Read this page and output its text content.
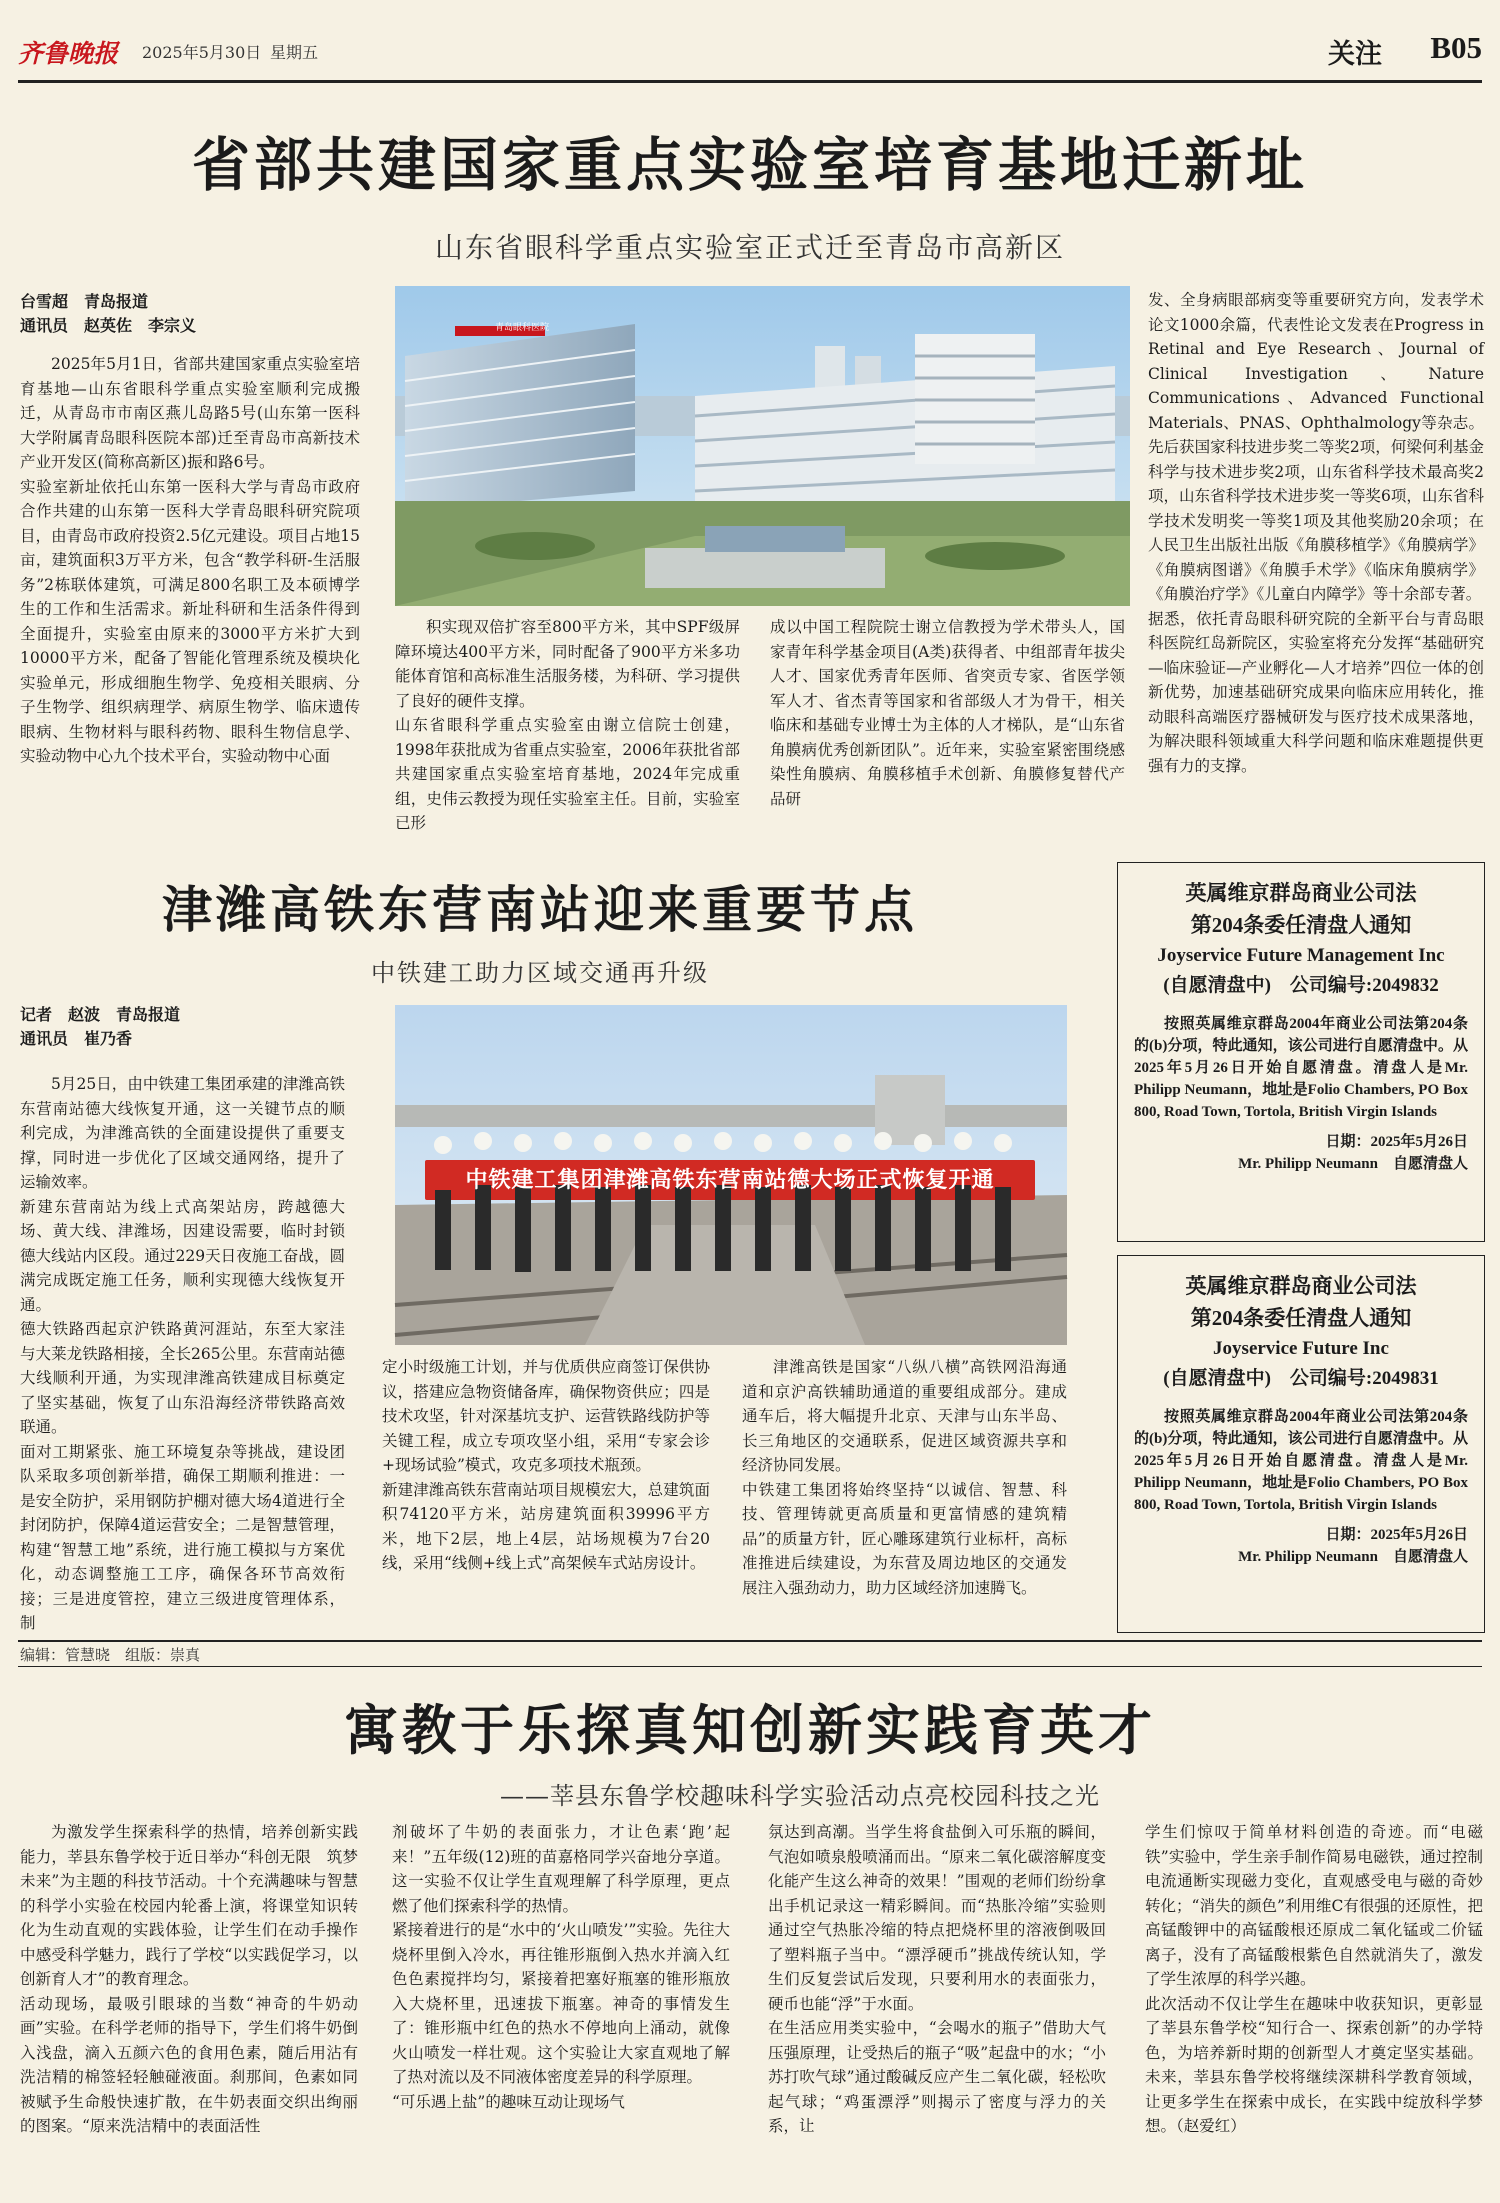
齐鲁晚报 2025年5月30日 星期五	关注 B05
省部共建国家重点实验室培育基地迁新址
山东省眼科学重点实验室正式迁至青岛市高新区
台雪超　青岛报道
通讯员　赵英佐　李宗义
2025年5月1日，省部共建国家重点实验室培育基地—山东省眼科学重点实验室顺利完成搬迁，从青岛市市南区燕儿岛路5号(山东第一医科大学附属青岛眼科医院本部)迁至青岛市高新技术产业开发区(简称高新区)振和路6号。
实验室新址依托山东第一医科大学与青岛市政府合作共建的山东第一医科大学青岛眼科研究院项目，由青岛市政府投资2.5亿元建设。项目占地15亩，建筑面积3万平方米，包含“教学科研-生活服务”2栋联体建筑，可满足800名职工及本硕博学生的工作和生活需求。新址科研和生活条件得到全面提升，实验室由原来的3000平方米扩大到10000平方米，配备了智能化管理系统及模块化实验单元，形成细胞生物学、免疫相关眼病、分子生物学、组织病理学、病原生物学、临床遗传眼病、生物材料与眼科药物、眼科生物信息学、实验动物中心九个技术平台，实验动物中心面
青岛眼科医院
积实现双倍扩容至800平方米，其中SPF级屏障环境达400平方米，同时配备了900平方米多功能体育馆和高标准生活服务楼，为科研、学习提供了良好的硬件支撑。
山东省眼科学重点实验室由谢立信院士创建，1998年获批成为省重点实验室，2006年获批省部共建国家重点实验室培育基地，2024年完成重组，史伟云教授为现任实验室主任。目前，实验室已形
成以中国工程院院士谢立信教授为学术带头人，国家青年科学基金项目(A类)获得者、中组部青年拔尖人才、国家优秀青年医师、省突贡专家、省医学领军人才、省杰青等国家和省部级人才为骨干，相关临床和基础专业博士为主体的人才梯队，是“山东省角膜病优秀创新团队”。近年来，实验室紧密围绕感染性角膜病、角膜移植手术创新、角膜修复替代产品研
发、全身病眼部病变等重要研究方向，发表学术论文1000余篇，代表性论文发表在Progress in Retinal and Eye Research、Journal of Clinical Investigation、Nature Communications、Advanced Functional Materials、PNAS、Ophthalmology等杂志。先后获国家科技进步奖二等奖2项，何梁何利基金科学与技术进步奖2项，山东省科学技术最高奖2项，山东省科学技术进步奖一等奖6项，山东省科学技术发明奖一等奖1项及其他奖励20余项；在人民卫生出版社出版《角膜移植学》《角膜病学》《角膜病图谱》《角膜手术学》《临床角膜病学》《角膜治疗学》《儿童白内障学》等十余部专著。
据悉，依托青岛眼科研究院的全新平台与青岛眼科医院红岛新院区，实验室将充分发挥“基础研究—临床验证—产业孵化—人才培养”四位一体的创新优势，加速基础研究成果向临床应用转化，推动眼科高端医疗器械研发与医疗技术成果落地，为解决眼科领域重大科学问题和临床难题提供更强有力的支撑。
津潍高铁东营南站迎来重要节点
中铁建工助力区域交通再升级
记者　赵波　青岛报道
通讯员　崔乃香
5月25日，由中铁建工集团承建的津潍高铁东营南站德大线恢复开通，这一关键节点的顺利完成，为津潍高铁的全面建设提供了重要支撑，同时进一步优化了区域交通网络，提升了运输效率。
新建东营南站为线上式高架站房，跨越德大场、黄大线、津潍场，因建设需要，临时封锁德大线站内区段。通过229天日夜施工奋战，圆满完成既定施工任务，顺利实现德大线恢复开通。
德大铁路西起京沪铁路黄河涯站，东至大家洼与大莱龙铁路相接，全长265公里。东营南站德大线顺利开通，为实现津潍高铁建成目标奠定了坚实基础，恢复了山东沿海经济带铁路高效联通。
面对工期紧张、施工环境复杂等挑战，建设团队采取多项创新举措，确保工期顺利推进：一是安全防护，采用钢防护棚对德大场4道进行全封闭防护，保障4道运营安全；二是智慧管理，构建“智慧工地”系统，进行施工模拟与方案优化，动态调整施工工序，确保各环节高效衔接；三是进度管控，建立三级进度管理体系，制
中铁建工集团津潍高铁东营南站德大场正式恢复开通
定小时级施工计划，并与优质供应商签订保供协议，搭建应急物资储备库，确保物资供应；四是技术攻坚，针对深基坑支护、运营铁路线防护等关键工程，成立专项攻坚小组，采用“专家会诊+现场试验”模式，攻克多项技术瓶颈。
新建津潍高铁东营南站项目规模宏大，总建筑面积74120平方米，站房建筑面积39996平方米，地下2层，地上4层，站场规模为7台20线，采用“线侧+线上式”高架候车式站房设计。
津潍高铁是国家“八纵八横”高铁网沿海通道和京沪高铁辅助通道的重要组成部分。建成通车后，将大幅提升北京、天津与山东半岛、长三角地区的交通联系，促进区域资源共享和经济协同发展。
中铁建工集团将始终坚持“以诚信、智慧、科技、管理铸就更高质量和更富情感的建筑精品”的质量方针，匠心雕琢建筑行业标杆，高标准推进后续建设，为东营及周边地区的交通发展注入强劲动力，助力区域经济加速腾飞。
英属维京群岛商业公司法
第204条委任清盘人通知
Joyservice Future Management Inc
(自愿清盘中)　 公司编号:2049832
按照英属维京群岛2004年商业公司法第204条的(b)分项，特此通知，该公司进行自愿清盘中。从2025年5月26日开始自愿清盘。清盘人是Mr. Philipp Neumann，地址是Folio Chambers, PO Box 800, Road Town, Tortola, British Virgin Islands
日期：2025年5月26日
Mr. Philipp Neumann　自愿清盘人
英属维京群岛商业公司法
第204条委任清盘人通知
Joyservice Future Inc
(自愿清盘中)　 公司编号:2049831
按照英属维京群岛2004年商业公司法第204条的(b)分项，特此通知，该公司进行自愿清盘中。从2025年5月26日开始自愿清盘。清盘人是Mr. Philipp Neumann，地址是Folio Chambers, PO Box 800, Road Town, Tortola, British Virgin Islands
日期：2025年5月26日
Mr. Philipp Neumann　自愿清盘人
编辑：管慧晓　组版：崇真
寓教于乐探真知创新实践育英才
——莘县东鲁学校趣味科学实验活动点亮校园科技之光
为激发学生探索科学的热情，培养创新实践能力，莘县东鲁学校于近日举办“科创无限　筑梦未来”为主题的科技节活动。十个充满趣味与智慧的科学小实验在校园内轮番上演，将课堂知识转化为生动直观的实践体验，让学生们在动手操作中感受科学魅力，践行了学校“以实践促学习，以创新育人才”的教育理念。
活动现场，最吸引眼球的当数“神奇的牛奶动画”实验。在科学老师的指导下，学生们将牛奶倒入浅盘，滴入五颜六色的食用色素，随后用沾有洗洁精的棉签轻轻触碰液面。刹那间，色素如同被赋予生命般快速扩散，在牛奶表面交织出绚丽的图案。“原来洗洁精中的表面活性
剂破坏了牛奶的表面张力，才让色素‘跑’起来！”五年级(12)班的苗嘉格同学兴奋地分享道。这一实验不仅让学生直观理解了科学原理，更点燃了他们探索科学的热情。
紧接着进行的是“水中的‘火山喷发’”实验。先往大烧杯里倒入冷水，再往锥形瓶倒入热水并滴入红色色素搅拌均匀，紧接着把塞好瓶塞的锥形瓶放入大烧杯里，迅速拔下瓶塞。神奇的事情发生了：锥形瓶中红色的热水不停地向上涌动，就像火山喷发一样壮观。这个实验让大家直观地了解了热对流以及不同液体密度差异的科学原理。
“可乐遇上盐”的趣味互动让现场气
氛达到高潮。当学生将食盐倒入可乐瓶的瞬间，气泡如喷泉般喷涌而出。“原来二氧化碳溶解度变化能产生这么神奇的效果！”围观的老师们纷纷拿出手机记录这一精彩瞬间。而“热胀冷缩”实验则通过空气热胀冷缩的特点把烧杯里的溶液倒吸回了塑料瓶子当中。“漂浮硬币”挑战传统认知，学生们反复尝试后发现，只要利用水的表面张力，硬币也能“浮”于水面。
在生活应用类实验中，“会喝水的瓶子”借助大气压强原理，让受热后的瓶子“吸”起盘中的水；“小苏打吹气球”通过酸碱反应产生二氧化碳，轻松吹起气球；“鸡蛋漂浮”则揭示了密度与浮力的关系，让
学生们惊叹于简单材料创造的奇迹。而“电磁铁”实验中，学生亲手制作简易电磁铁，通过控制电流通断实现磁力变化，直观感受电与磁的奇妙转化；“消失的颜色”利用维C有很强的还原性，把高锰酸钾中的高锰酸根还原成二氧化锰或二价锰离子，没有了高锰酸根紫色自然就消失了，激发了学生浓厚的科学兴趣。
此次活动不仅让学生在趣味中收获知识，更彰显了莘县东鲁学校“知行合一、探索创新”的办学特色，为培养新时期的创新型人才奠定坚实基础。未来，莘县东鲁学校将继续深耕科学教育领域，让更多学生在探索中成长，在实践中绽放科学梦想。（赵爱红）
